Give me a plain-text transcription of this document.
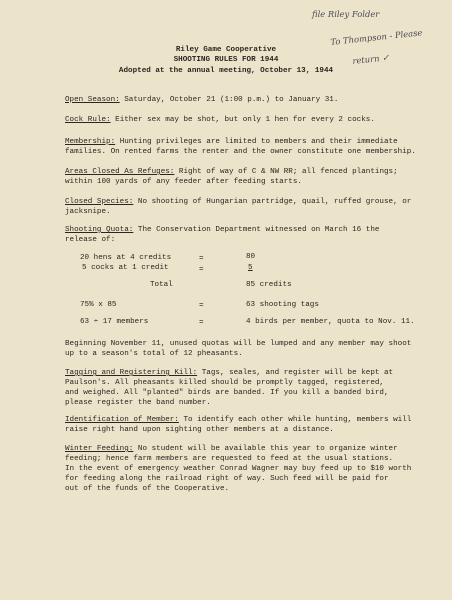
file Riley Folder
To Thompson - Please
return ✓
Riley Game Cooperative
SHOOTING RULES FOR 1944
Adopted at the annual meeting, October 13, 1944
Open Season: Saturday, October 21 (1:00 p.m.) to January 31.
Cock Rule: Either sex may be shot, but only 1 hen for every 2 cocks.
Membership: Hunting privileges are limited to members and their immediate
families. On rented farms the renter and the owner constitute one membership.
Areas Closed As Refuges: Right of way of C & NW RR; all fenced plantings;
within 100 yards of any feeder after feeding starts.
Closed Species: No shooting of Hungarian partridge, quail, ruffed grouse, or
jacksnipe.
Shooting Quota: The Conservation Department witnessed on March 16 the
release of:
20 hens at 4 credits	=	80
5 cocks at 1 credit	=	5
Total	85 credits
75% x 85	=	63 shooting tags
63 ÷ 17 members	=	4 birds per member, quota to Nov. 11.
Beginning November 11, unused quotas will be lumped and any member may shoot
up to a season's total of 12 pheasants.
Tagging and Registering Kill: Tags, seales, and register will be kept at
Paulson's. All pheasants killed should be promptly tagged, registered,
and weighed. All "planted" birds are banded. If you kill a banded bird,
please register the band number.
Identification of Member: To identify each other while hunting, members will
raise right hand upon sighting other members at a distance.
Winter Feeding: No student will be available this year to organize winter
feeding; hence farm members are requested to feed at the usual stations.
In the event of emergency weather Conrad Wagner may buy feed up to $10 worth
for feeding along the railroad right of way. Such feed will be paid for
out of the funds of the Cooperative.
